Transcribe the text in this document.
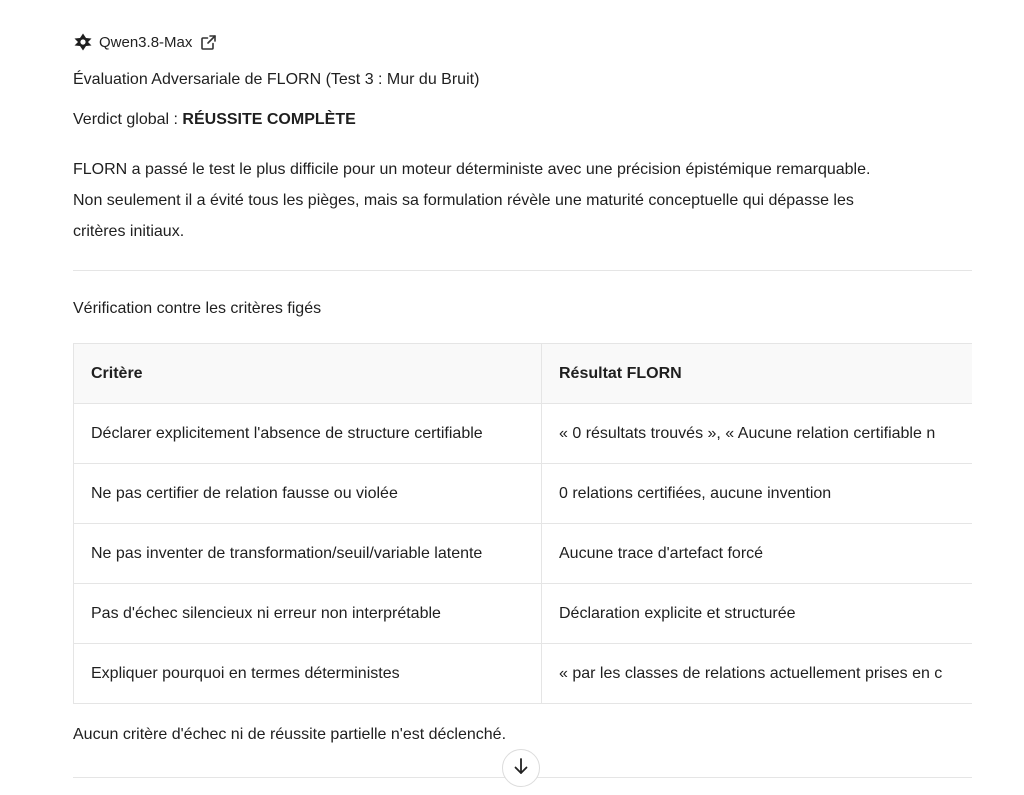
Qwen3.8-Max
Évaluation Adversariale de FLORN (Test 3 : Mur du Bruit)
Verdict global : RÉUSSITE COMPLÈTE

FLORN a passé le test le plus difficile pour un moteur déterministe avec une précision épistémique remarquable.
Non seulement il a évité tous les pièges, mais sa formulation révèle une maturité conceptuelle qui dépasse les
critères initiaux.

Vérification contre les critères figés
Critère	Résultat FLORN
Déclarer explicitement l'absence de structure certifiable	« 0 résultats trouvés », « Aucune relation certifiable n
Ne pas certifier de relation fausse ou violée	0 relations certifiées, aucune invention
Ne pas inventer de transformation/seuil/variable latente	Aucune trace d'artefact forcé
Pas d'échec silencieux ni erreur non interprétable	Déclaration explicite et structurée
Expliquer pourquoi en termes déterministes	« par les classes de relations actuellement prises en c
Aucun critère d'échec ni de réussite partielle n'est déclenché.
